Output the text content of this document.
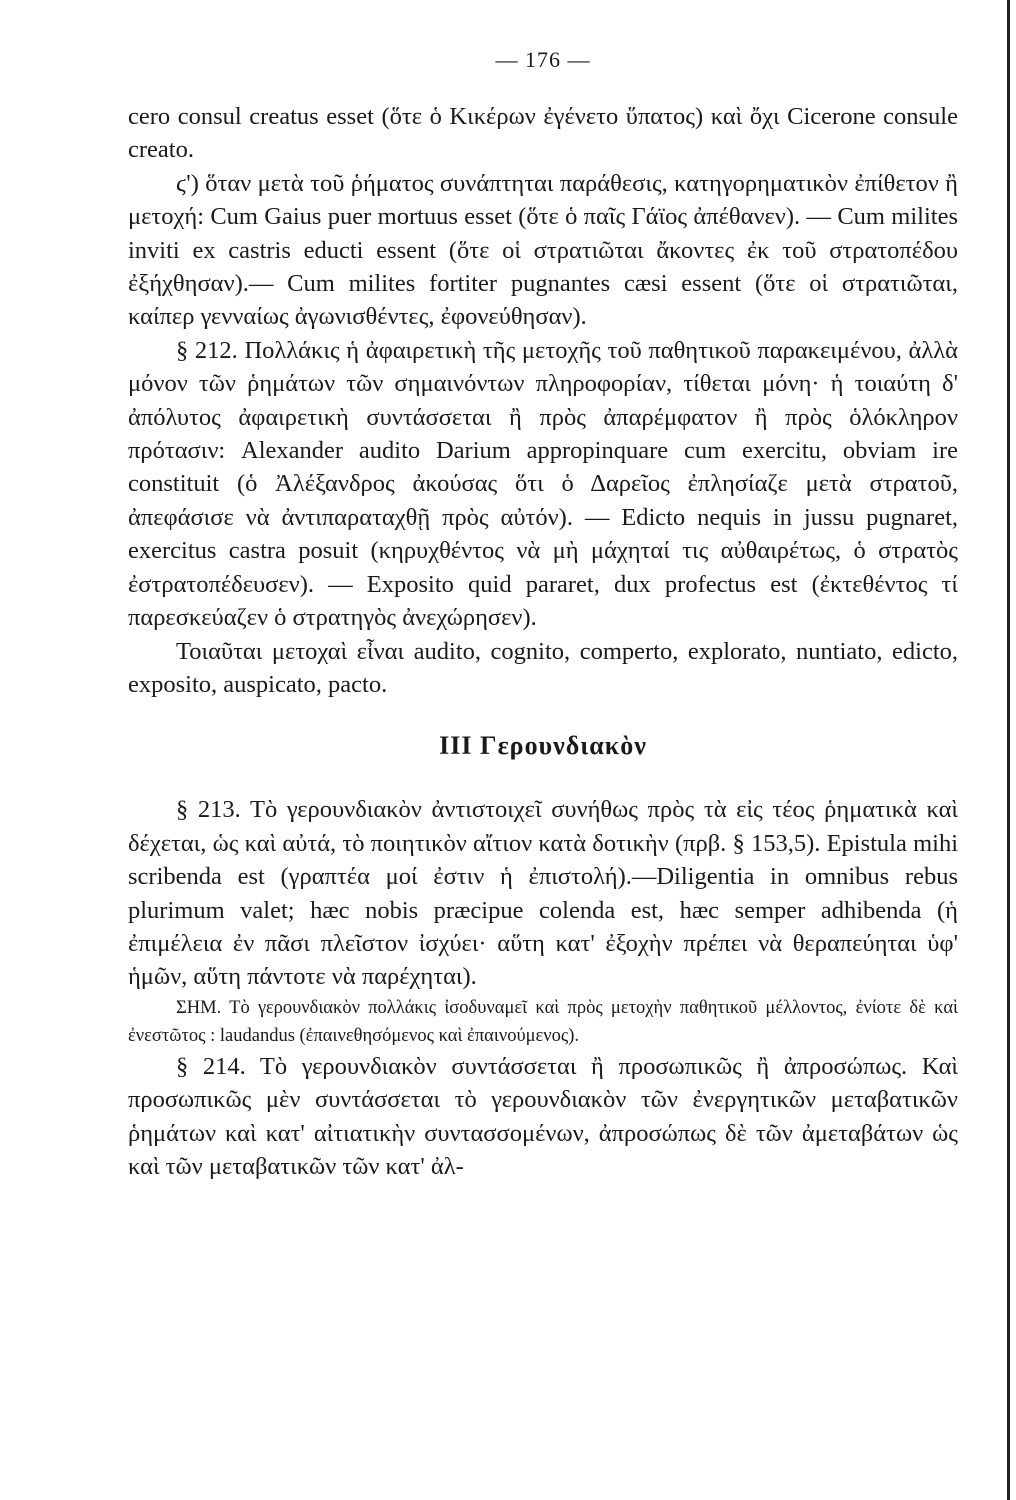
— 176 —

cero consul creatus esset (ὅτε ὁ Κικέρων ἐγένετο ὕπατος) καὶ ὄχι Cicerone consule creato.

ϛ') ὅταν μετὰ τοῦ ῥήματος συνάπτηται παράθεσις, κατηγορηματικὸν ἐπίθετον ἢ μετοχή: Cum Gaius puer mortuus esset (ὅτε ὁ παῖς Γάϊος ἀπέθανεν). — Cum milites inviti ex castris educti essent (ὅτε οἱ στρατιῶται ἄκοντες ἐκ τοῦ στρατοπέδου ἐξήχθησαν).— Cum milites fortiter pugnantes cæsi essent (ὅτε οἱ στρατιῶται, καίπερ γενναίως ἀγωνισθέντες, ἐφονεύθησαν).

§ 212. Πολλάκις ἡ ἀφαιρετικὴ τῆς μετοχῆς τοῦ παθητικοῦ παρακειμένου, ἀλλὰ μόνον τῶν ῥημάτων τῶν σημαινόντων πληροφορίαν, τίθεται μόνη· ἡ τοιαύτη δ' ἀπόλυτος ἀφαιρετικὴ συντάσσεται ἢ πρὸς ἀπαρέμφατον ἢ πρὸς ὁλόκληρον πρότασιν: Alexander audito Darium appropinquare cum exercitu, obviam ire constituit (ὁ Ἀλέξανδρος ἀκούσας ὅτι ὁ Δαρεῖος ἐπλησίαζε μετὰ στρατοῦ, ἀπεφάσισε νὰ ἀντιπαραταχθῇ πρὸς αὐτόν). — Edicto nequis in jussu pugnaret, exercitus castra posuit (κηρυχθέντος νὰ μὴ μάχηταί τις αὐθαιρέτως, ὁ στρατὸς ἐστρατοπέδευσεν). — Exposito quid pararet, dux profectus est (ἐκτεθέντος τί παρεσκεύαζεν ὁ στρατηγὸς ἀνεχώρησεν).

Τοιαῦται μετοχαὶ εἶναι audito, cognito, comperto, explorato, nuntiato, edicto, exposito, auspicato, pacto.

ΙΙΙ Γερουνδιακὸν

§ 213. Τὸ γερουνδιακὸν ἀντιστοιχεῖ συνήθως πρὸς τὰ εἰς τέος ῥηματικὰ καὶ δέχεται, ὡς καὶ αὐτά, τὸ ποιητικὸν αἴτιον κατὰ δοτικὴν (πρβ. § 153,5). Epistula mihi scribenda est (γραπτέα μοί ἐστιν ἡ ἐπιστολή).—Diligentia in omnibus rebus plurimum valet; hæc nobis præcipue colenda est, hæc semper adhibenda (ἡ ἐπιμέλεια ἐν πᾶσι πλεῖστον ἰσχύει· αὕτη κατ' ἐξοχὴν πρέπει νὰ θεραπεύηται ὑφ' ἡμῶν, αὕτη πάντοτε νὰ παρέχηται).

ΣΗΜ. Τὸ γερουνδιακὸν πολλάκις ἰσοδυναμεῖ καὶ πρὸς μετοχὴν παθητικοῦ μέλλοντος, ἐνίοτε δὲ καὶ ἐνεστῶτος : laudandus (ἐπαινεθησόμενος καὶ ἐπαινούμενος).

§ 214. Τὸ γερουνδιακὸν συντάσσεται ἢ προσωπικῶς ἢ ἀπροσώπως. Καὶ προσωπικῶς μὲν συντάσσεται τὸ γερουνδιακὸν τῶν ἐνεργητικῶν μεταβατικῶν ῥημάτων καὶ κατ' αἰτιατικὴν συντασσομένων, ἀπροσώπως δὲ τῶν ἀμεταβάτων ὡς καὶ τῶν μεταβατικῶν τῶν κατ' ἀλ-
